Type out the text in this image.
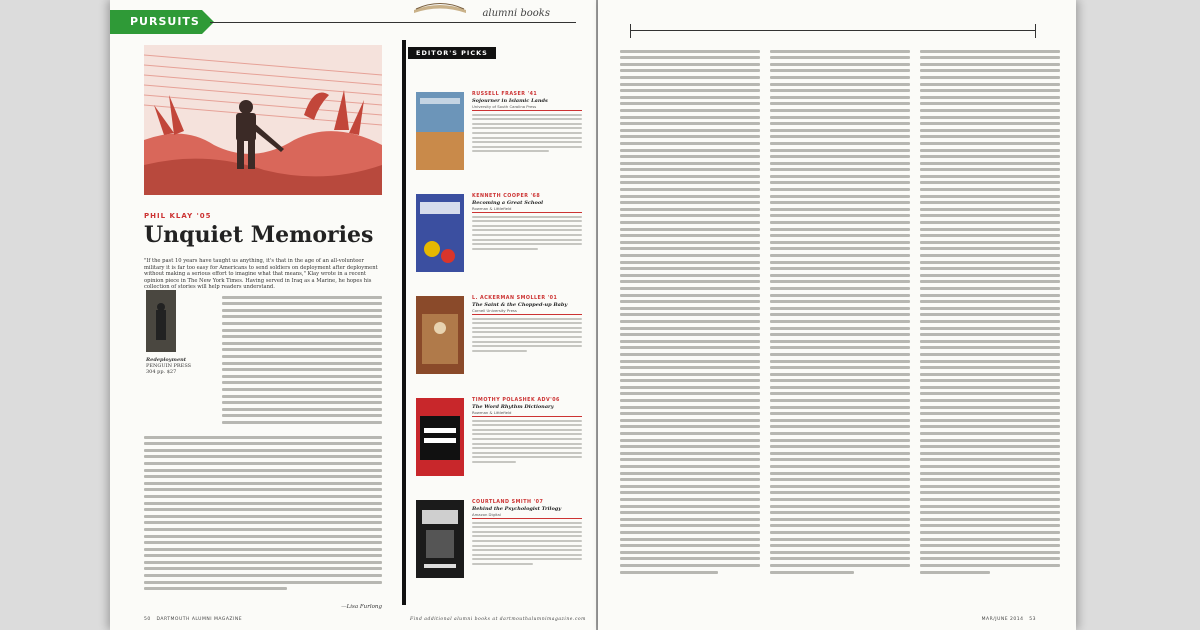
PURSUITS
alumni books
PHIL KLAY '05
Unquiet Memories
"If the past 10 years have taught us anything, it's that in the age of an all-volunteer military it is far too easy for Americans to send soldiers on deployment after deployment without making a serious effort to imagine what that means," Klay wrote in a recent opinion piece in The New York Times. Having served in Iraq as a Marine, he hopes his collection of stories will help readers understand.
Redeployment
PENGUIN PRESS
304 pp. $27
—Lisa Furlong
EDITOR'S PICKS
RUSSELL FRASER '41
Sojourner in Islamic Lands
University of South Carolina Press
KENNETH COOPER '68
Becoming a Great School
Rowman & Littlefield
L. ACKERMAN SMOLLER '01
The Saint & the Chopped-up Baby
Cornell University Press
TIMOTHY POLASHEK ADV'06
The Word Rhythm Dictionary
Rowman & Littlefield
COURTLAND SMITH '07
Behind the Psychologist Trilogy
Amazon Digital
50 DARTMOUTH ALUMNI MAGAZINE	Find additional alumni books at dartmouthalumnimagazine.com	MAR/JUNE 2014 53
